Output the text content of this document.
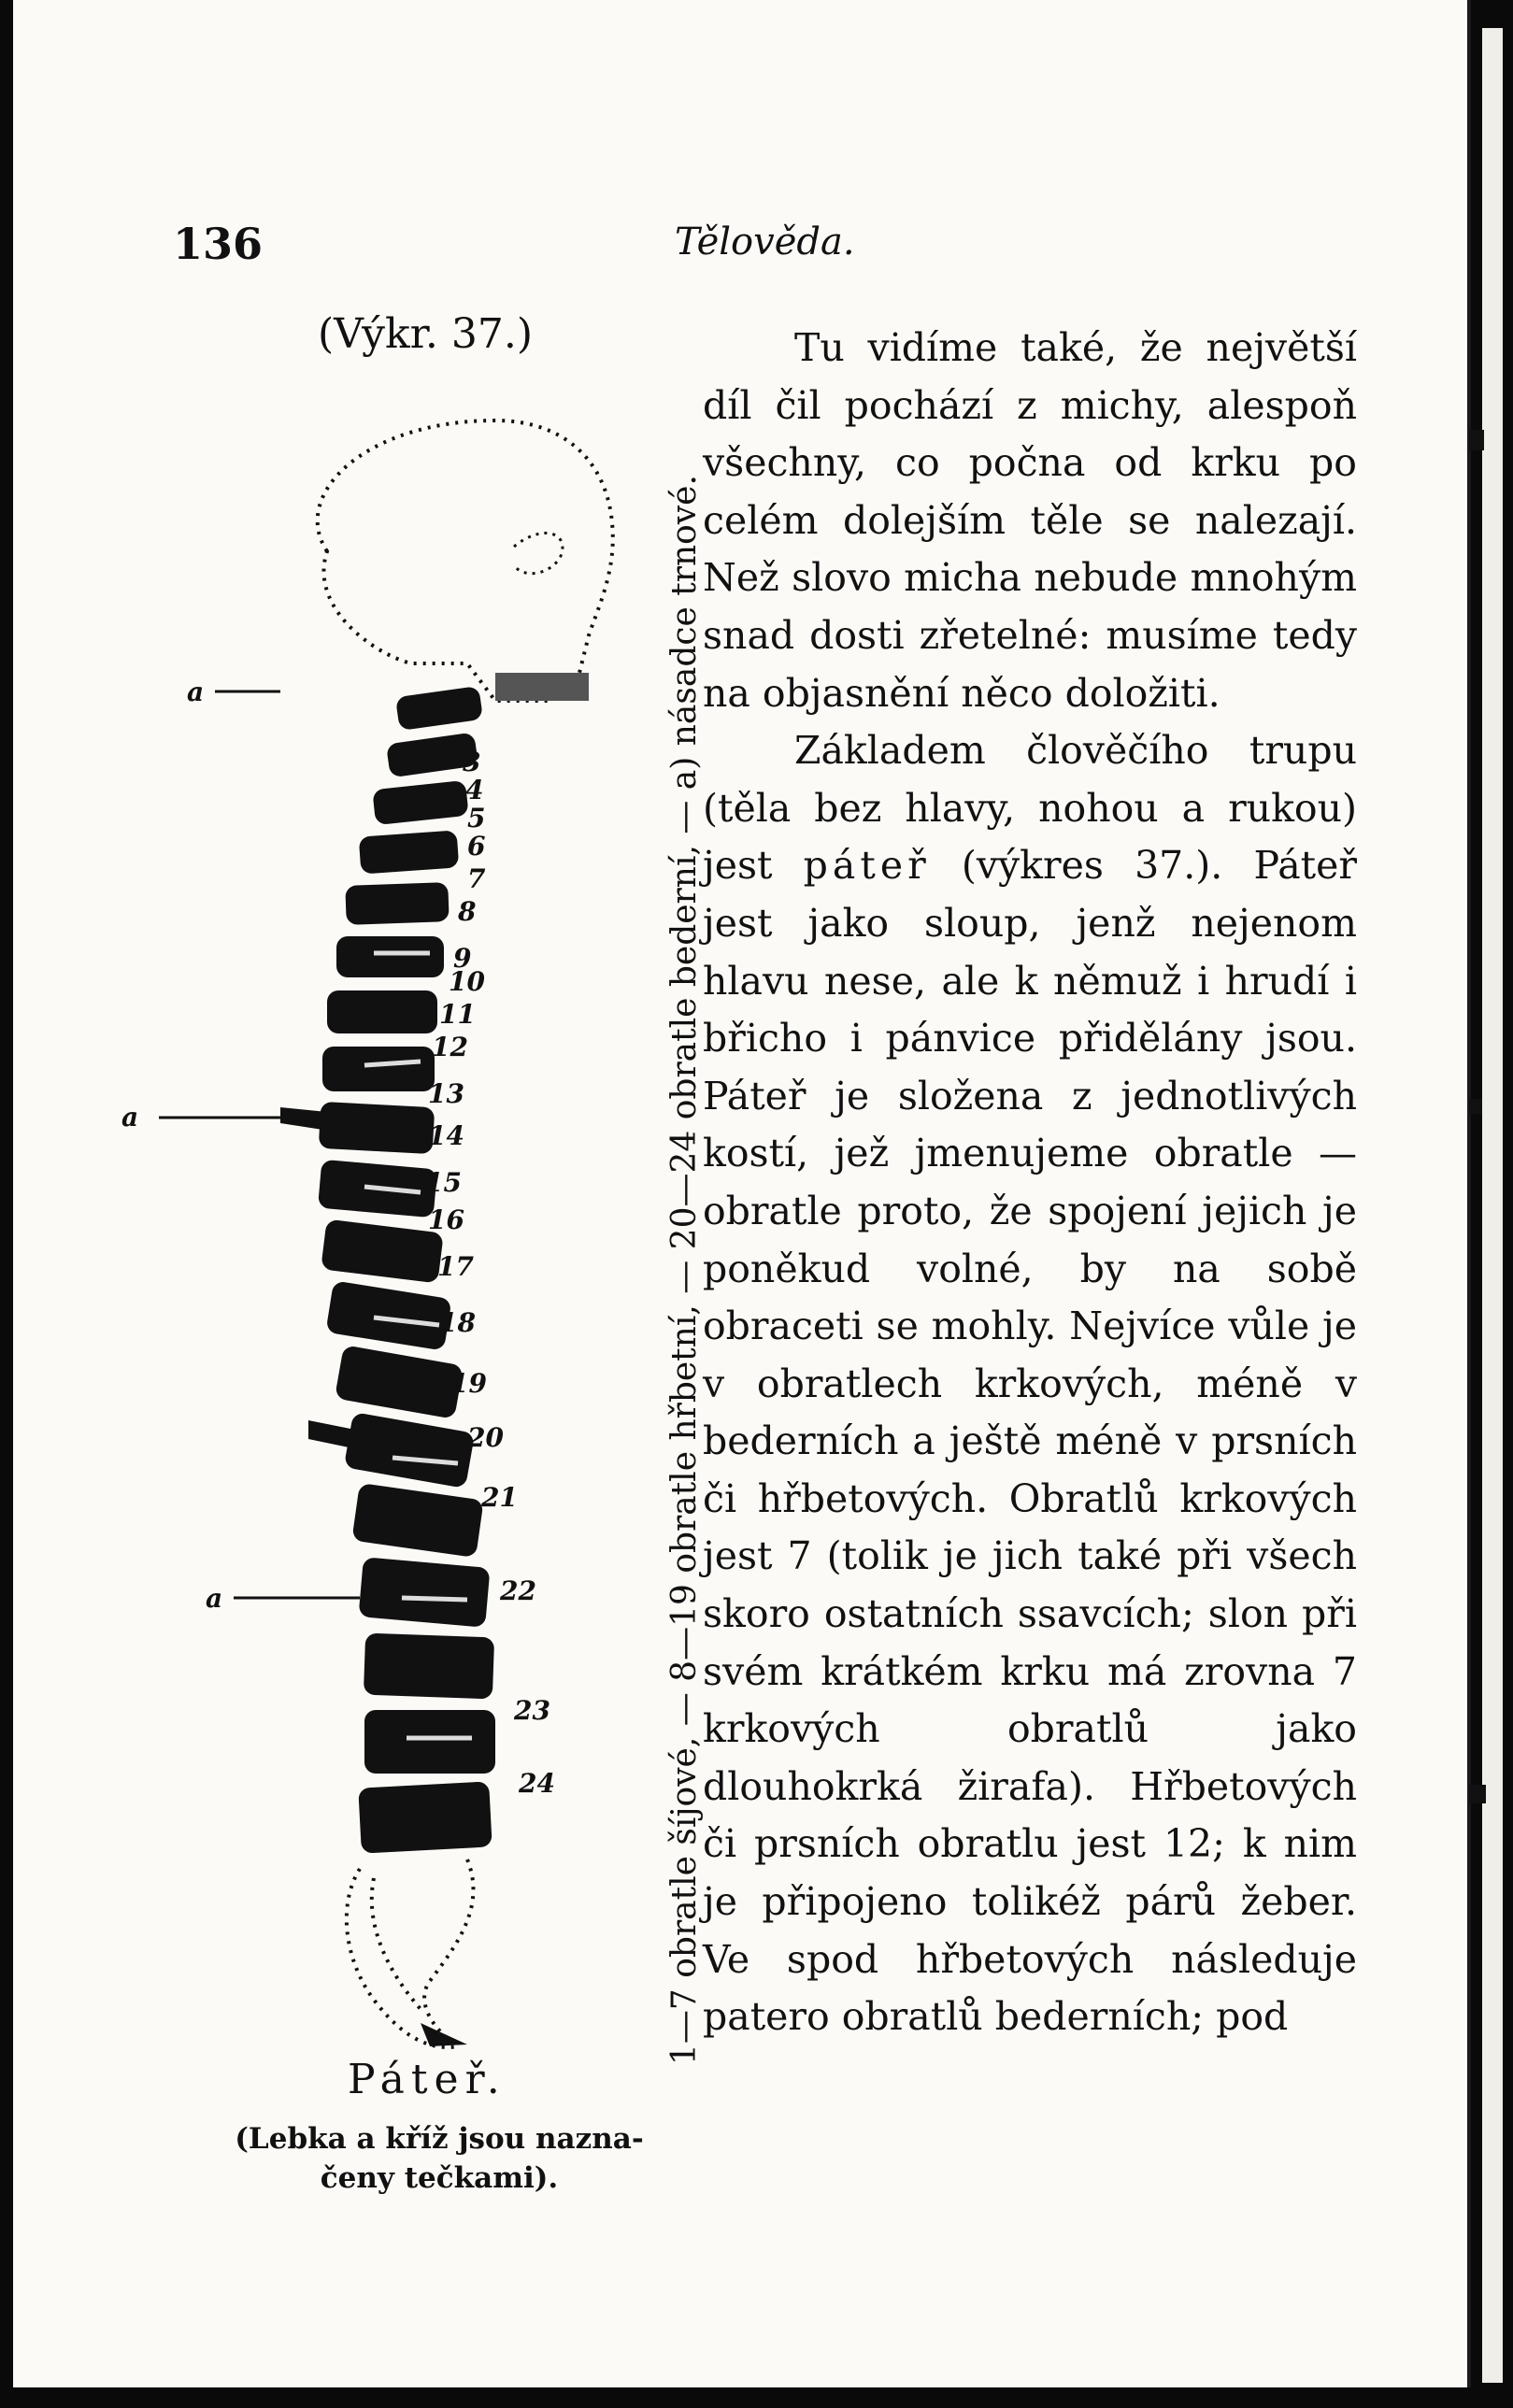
136	Tělověda.
(Výkr. 37.)
a
a
a
3
4
5
6
7
8
9
10
11
12
13
14
15
16
17
18
19
20
21
22
23
24	1—7 obratle šíjové, — 8—19 obratle hřbetní, — 20—24 obratle bederní, — a) násadce trnové.
Páteř.
(Lebka a kříž jsou nazna-
čeny tečkami).

Tu vidíme také, že největší díl čil pochází z michy, alespoň všechny, co počna od krku po celém dolejším těle se nalezají. Než slovo micha nebude mnohým snad dosti zřetelné: musíme tedy na objasnění něco doložiti.

Základem člověčího trupu (těla bez hlavy, nohou a rukou) jest páteř (výkres 37.). Páteř jest jako sloup, jenž nejenom hlavu nese, ale k němuž i hrudí i břicho i pánvice přidělány jsou. Páteř je složena z jednotlivých kostí, jež jmenujeme obratle — obratle proto, že spojení jejich je poněkud volné, by na sobě obraceti se mohly. Nejvíce vůle je v obratlech krkových, méně v bederních a ještě méně v prsních či hřbetových. Obratlů krkových jest 7 (tolik je jich také při všech skoro ostatních ssavcích; slon při svém krátkém krku má zrovna 7 krkových obratlů jako dlouhokrká žirafa). Hřbetových či prsních obratlu jest 12; k nim je připojeno tolikéž párů žeber. Ve spod hřbetových následuje patero obratlů bederních; pod
